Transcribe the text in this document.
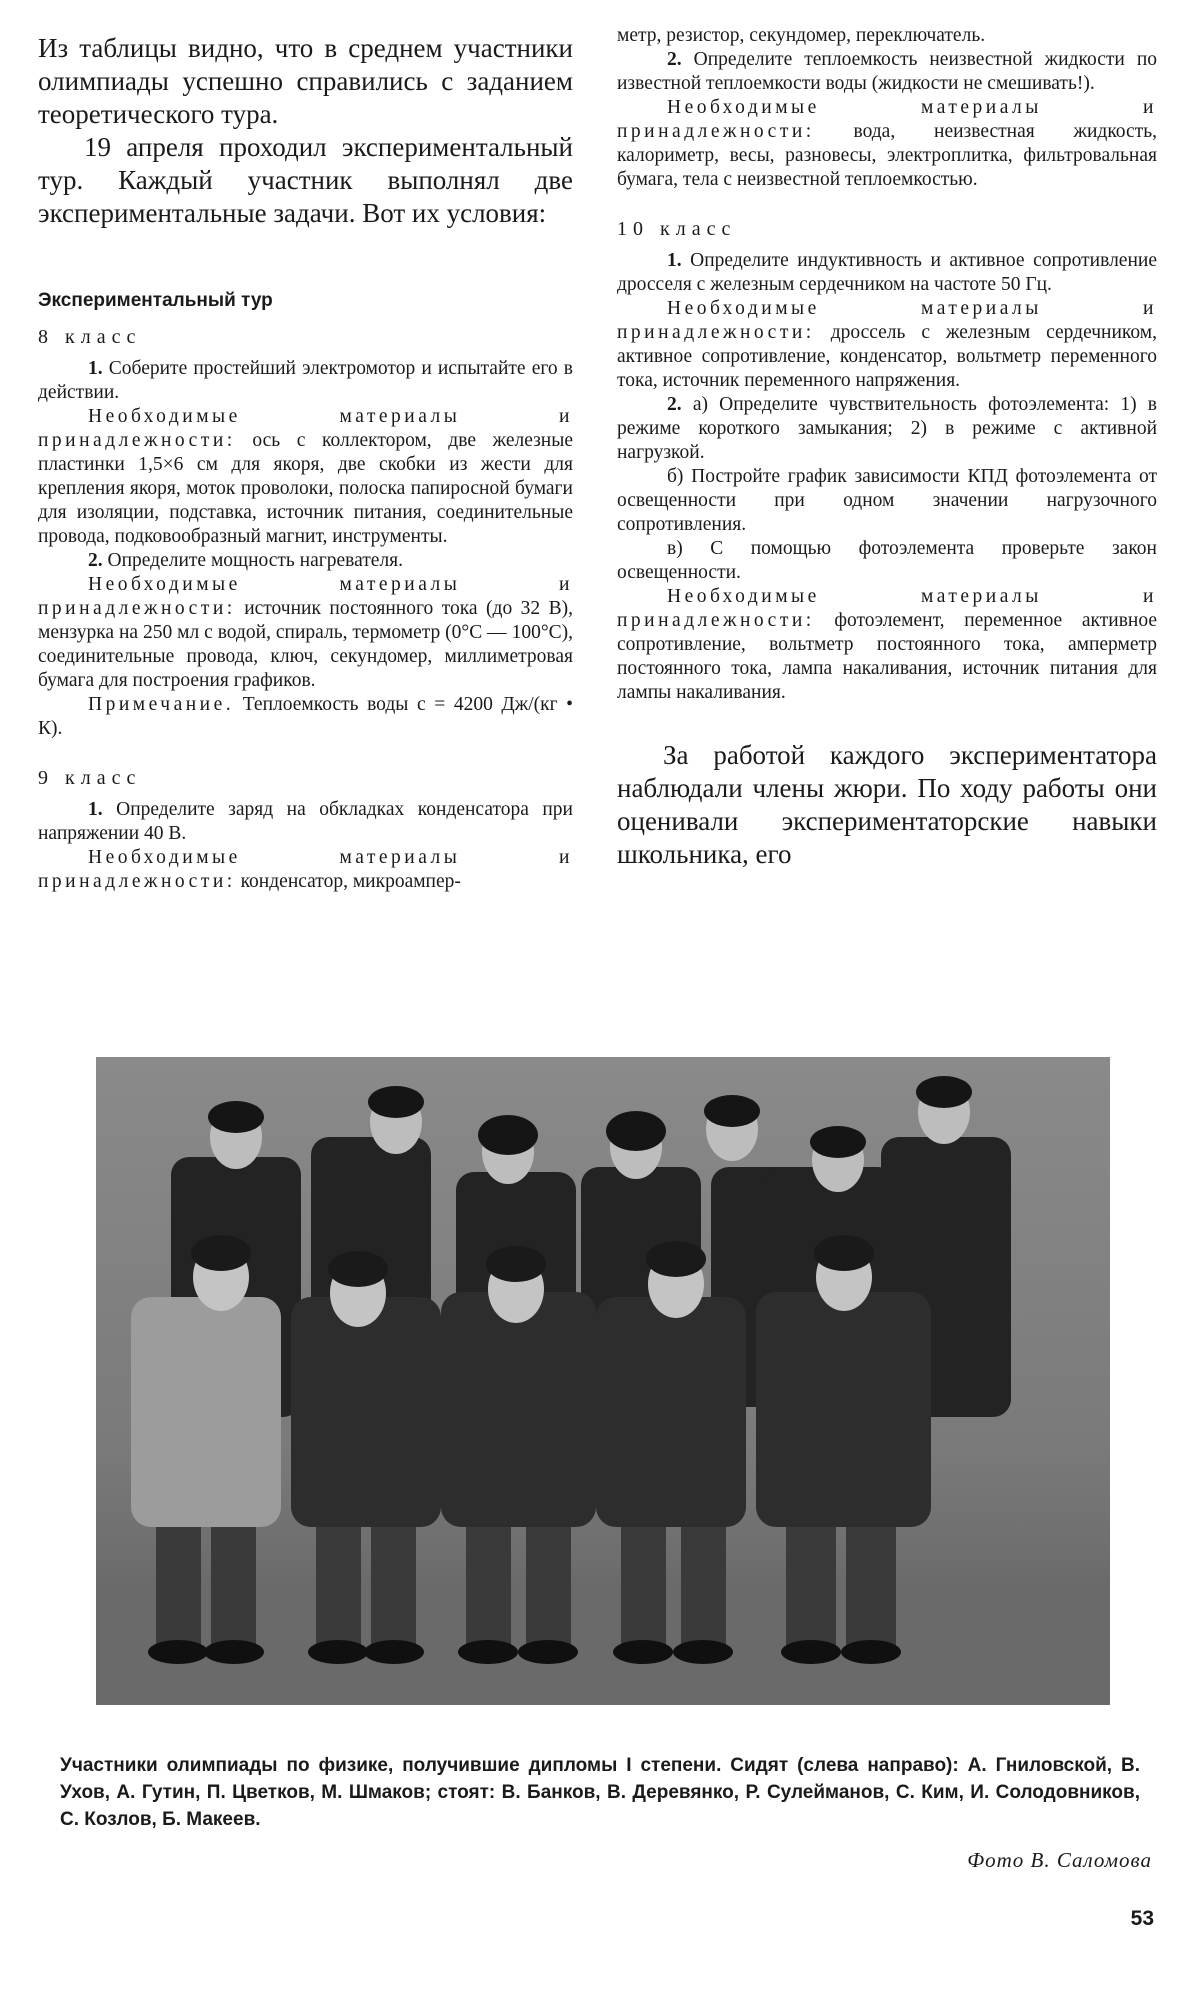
Из таблицы видно, что в среднем участники олимпиады успешно справились с заданием теоретического тура.

19 апреля проходил экспериментальный тур. Каждый участник выполнял две экспериментальные задачи. Вот их условия:

Экспериментальный тур
8 класс

1. Соберите простейший электромотор и испытайте его в действии.

Необходимые материалы и принадлежности: ось с коллектором, две железные пластинки 1,5×6 см для якоря, две скобки из жести для крепления якоря, моток проволоки, полоска папиросной бумаги для изоляции, подставка, источник питания, соединительные провода, подковообразный магнит, инструменты.

2. Определите мощность нагревателя.

Необходимые материалы и принадлежности: источник постоянного тока (до 32 В), мензурка на 250 мл с водой, спираль, термометр (0°С — 100°С), соединительные провода, ключ, секундомер, миллиметровая бумага для построения графиков.

Примечание. Теплоемкость воды c = 4200 Дж/(кг • К).

9 класс

1. Определите заряд на обкладках конденсатора при напряжении 40 В.

Необходимые материалы и принадлежности: конденсатор, микроампер-

метр, резистор, секундомер, переключатель.

2. Определите теплоемкость неизвестной жидкости по известной теплоемкости воды (жидкости не смешивать!).

Необходимые материалы и принадлежности: вода, неизвестная жидкость, калориметр, весы, разновесы, электроплитка, фильтровальная бумага, тела с неизвестной теплоемкостью.

10 класс

1. Определите индуктивность и активное сопротивление дросселя с железным сердечником на частоте 50 Гц.

Необходимые материалы и принадлежности: дроссель с железным сердечником, активное сопротивление, конденсатор, вольтметр переменного тока, источник переменного напряжения.

2. а) Определите чувствительность фотоэлемента: 1) в режиме короткого замыкания; 2) в режиме с активной нагрузкой.

б) Постройте график зависимости КПД фотоэлемента от освещенности при одном значении нагрузочного сопротивления.

в) С помощью фотоэлемента проверьте закон освещенности.

Необходимые материалы и принадлежности: фотоэлемент, переменное активное сопротивление, вольтметр постоянного тока, амперметр постоянного тока, лампа накаливания, источник питания для лампы накаливания.

За работой каждого экспериментатора наблюдали члены жюри. По ходу работы они оценивали экспериментаторские навыки школьника, его

Участники олимпиады по физике, получившие дипломы I степени. Сидят (слева направо): А. Гниловской, В. Ухов, А. Гутин, П. Цветков, М. Шмаков; стоят: В. Банков, В. Деревянко, Р. Сулейманов, С. Ким, И. Солодовников, С. Козлов, Б. Макеев.

Фото В. Саломова
53
